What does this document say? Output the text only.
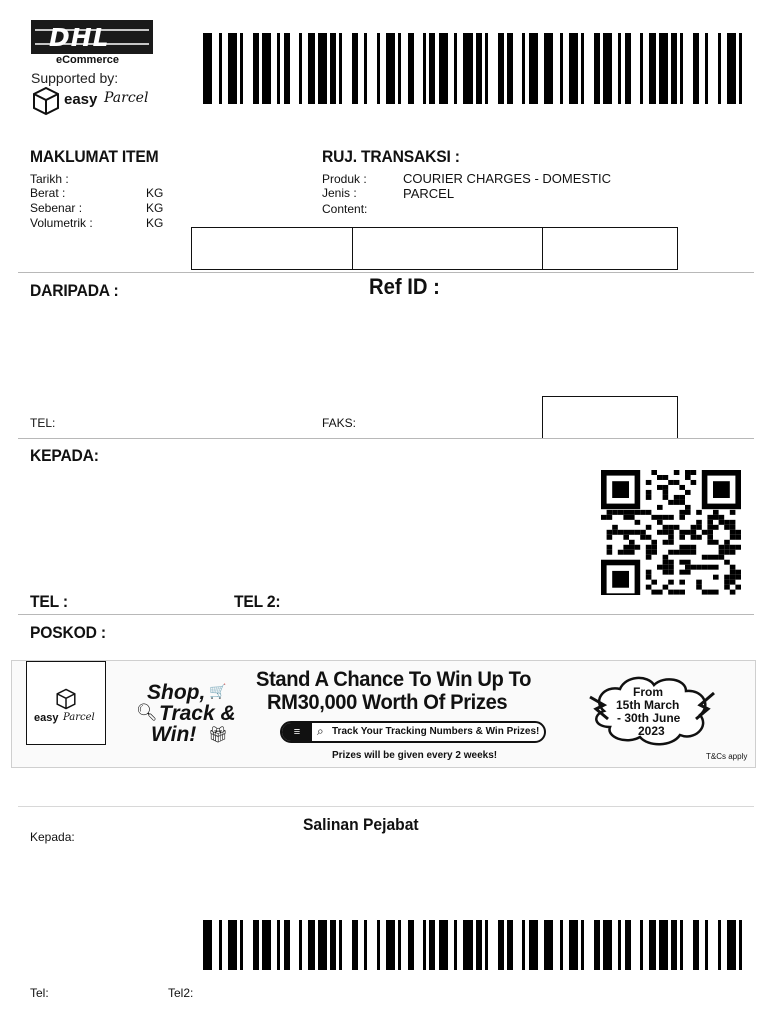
DHL
eCommerce
Supported by:
easy Parcel
MAKLUMAT ITEM
Tarikh :
Berat :	KG
Sebenar :	KG
Volumetrik :	KG
RUJ. TRANSAKSI :
Produk :	COURIER CHARGES - DOMESTIC
Jenis :	PARCEL
Content:
DARIPADA :	Ref ID :
TEL:	FAKS:
KEPADA:
TEL :	TEL 2:
POSKOD :
easy Parcel
Shop, 🛒
Track &
🔍︎
Win! 🎁︎
Stand A Chance To Win Up To
RM30,000 Worth Of Prizes
≡	⌕ Track Your Tracking Numbers & Win Prizes!
Prizes will be given every 2 weeks!
From
15th March
- 30th June
2023
T&Cs apply
Salinan Pejabat
Kepada:
Tel:	Tel2:
